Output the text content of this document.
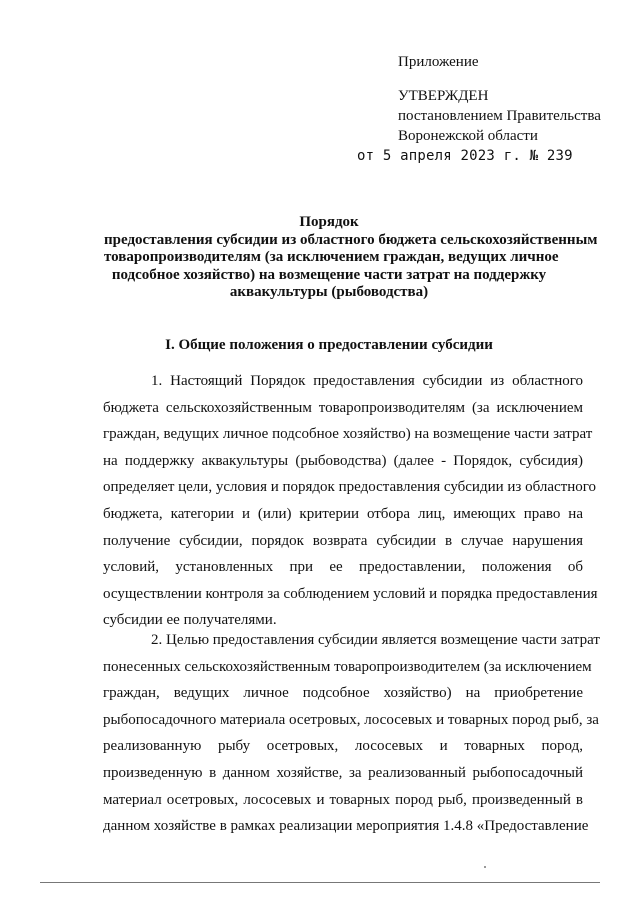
Приложение
УТВЕРЖДЕН
постановлением Правительства
Воронежской области
от 5 апреля 2023 г. № 239
Порядок
предоставления субсидии из областного бюджета сельскохозяйственным
товаропроизводителям (за исключением граждан, ведущих личное
подсобное хозяйство) на возмещение части затрат на поддержку
аквакультуры (рыбоводства)
I. Общие положения о предоставлении субсидии
1. Настоящий Порядок предоставления субсидии из областного
бюджета сельскохозяйственным товаропроизводителям (за исключением
граждан, ведущих личное подсобное хозяйство) на возмещение части затрат
на поддержку аквакультуры (рыбоводства) (далее - Порядок, субсидия)
определяет цели, условия и порядок предоставления субсидии из областного
бюджета, категории и (или) критерии отбора лиц, имеющих право на
получение субсидии, порядок возврата субсидии в случае нарушения
условий, установленных при ее предоставлении, положения об
осуществлении контроля за соблюдением условий и порядка предоставления
субсидии ее получателями.
2. Целью предоставления субсидии является возмещение части затрат
понесенных сельскохозяйственным товаропроизводителем (за исключением
граждан, ведущих личное подсобное хозяйство) на приобретение
рыбопосадочного материала осетровых, лососевых и товарных пород рыб, за
реализованную рыбу осетровых, лососевых и товарных пород,
произведенную в данном хозяйстве, за реализованный рыбопосадочный
материал осетровых, лососевых и товарных пород рыб, произведенный в
данном хозяйстве в рамках реализации мероприятия 1.4.8 «Предоставление
